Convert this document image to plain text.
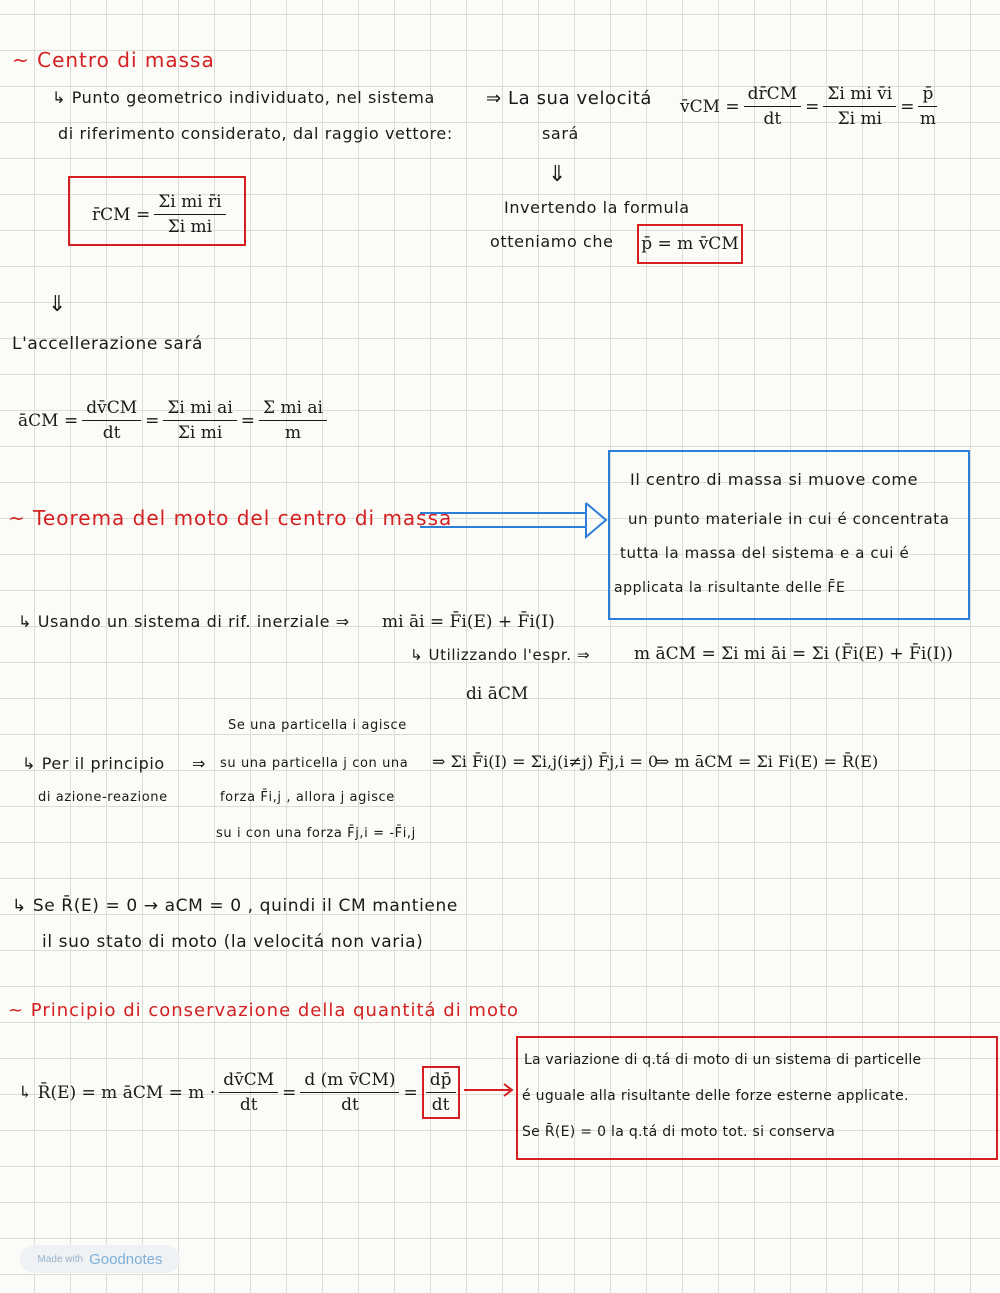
~ Centro di massa
↳ Punto geometrico individuato, nel sistema
di riferimento considerato, dal raggio vettore:
r̄CM = $\frac{\text{Σi mi r̄i}}{\text{Σi mi}}$
⇓
⇒ La sua velocitá
sará
v̄CM = $\frac{dr̄CM}{dt} = \frac{\text{Σi mi v̄i}}{\text{Σi mi}} = \frac{p̄}{m}$
⇓
Invertendo la formula
otteniamo che p̄ = m v̄CM
L'accellerazione sará
āCM = $\frac{dv̄CM}{dt} = \frac{\text{Σi mi ai}}{\text{Σi mi}} = \frac{\text{Σ mi ai}}{m}$
~ Teorema del moto del centro di massa
Il centro di massa si muove come
un punto materiale in cui é concentrata
tutta la massa del sistema e a cui é
applicata la risultante delle F̄E
↳ Usando un sistema di rif. inerziale ⇒ mi āi = F̄i(E) + F̄i(I)
↳ Utilizzando l'espr. ⇒	m āCM = Σi mi āi = Σi (F̄i(E) + F̄i(I))
di āCM
Se una particella i agisce
↳ Per il principio
di azione-reazione
⇒ su una particella j con una
forza F̄i,j , allora j agisce
su i con una forza F̄j,i = -F̄i,j
⇒ Σi F̄i(I) = Σi,j(i≠j) F̄j,i = 0
⇒ m āCM = Σi Fi(E) = R̄(E)
↳ Se R̄(E) = 0 → aCM = 0 , quindi il CM mantiene
il suo stato di moto (la velocitá non varia)
~ Principio di conservazione della quantitá di moto
↳ R̄(E) = m āCM = $m \cdot \frac{dv̄CM}{dt} = \frac{\text{d (m v̄CM)}}{dt} = \frac{dp̄}{dt}$
La variazione di q.tá di moto di un sistema di particelle
é uguale alla risultante delle forze esterne applicate.
Se R̄(E) = 0 la q.tá di moto tot. si conserva
Made with Goodnotes
